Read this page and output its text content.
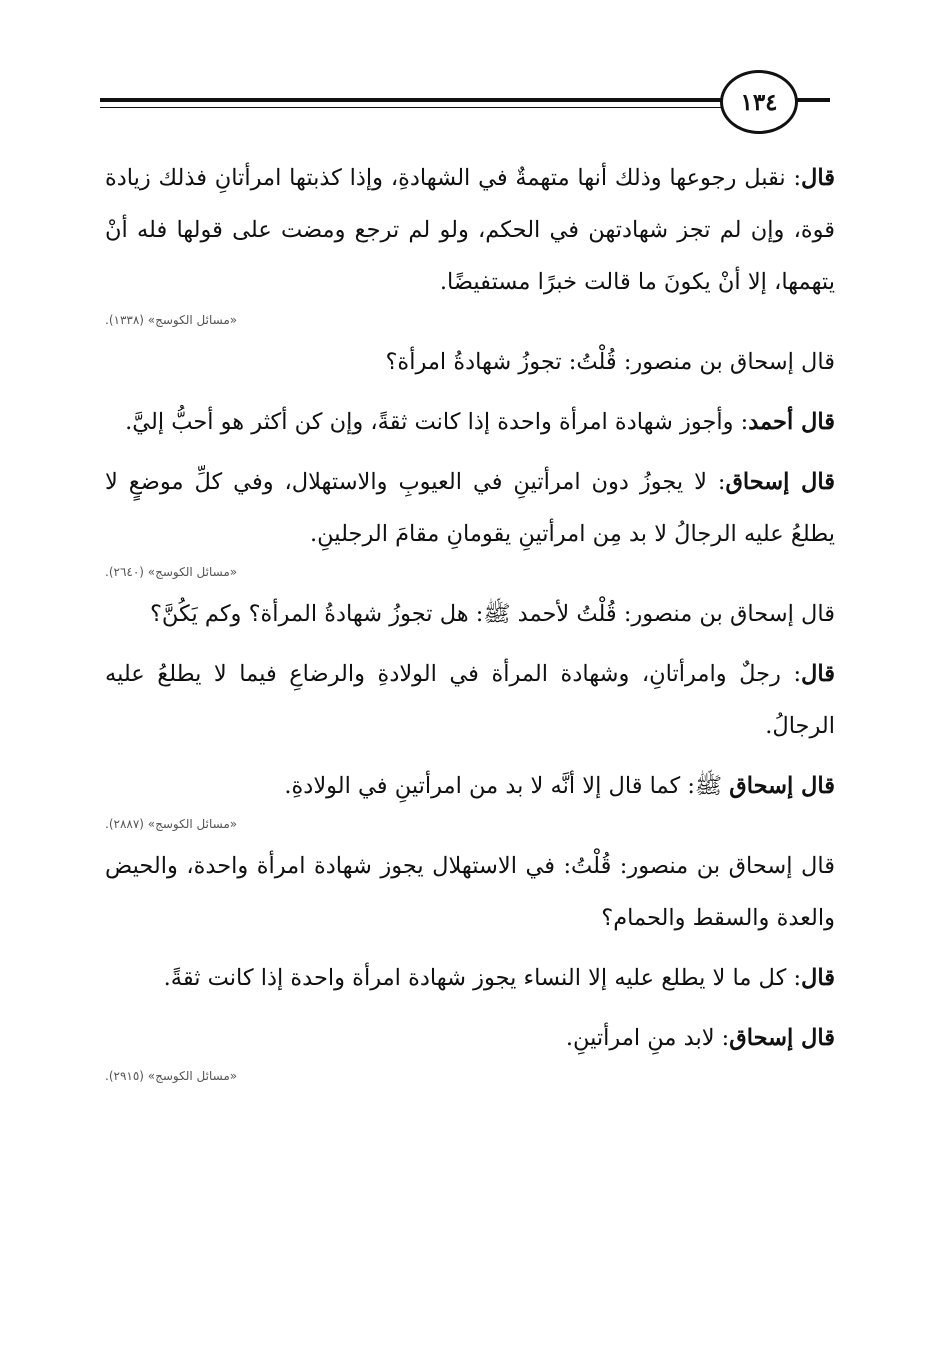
١٣٤

قال: نقبل رجوعها وذلك أنها متهمةٌ في الشهادةِ، وإذا كذبتها امرأتانِ فذلك زيادة قوة، وإن لم تجز شهادتهن في الحكم، ولو لم ترجع ومضت على قولها فله أنْ يتهمها، إلا أنْ يكونَ ما قالت خبرًا مستفيضًا.

«مسائل الكوسج» (١٣٣٨).

قال إسحاق بن منصور: قُلْتُ: تجوزُ شهادةُ امرأة؟

قال أحمد: وأجوز شهادة امرأة واحدة إذا كانت ثقةً، وإن كن أكثر هو أحبُّ إليَّ.

قال إسحاق: لا يجوزُ دون امرأتينِ في العيوبِ والاستهلال، وفي كلِّ موضعٍ لا يطلعُ عليه الرجالُ لا بد مِن امرأتينِ يقومانِ مقامَ الرجلينِ.

«مسائل الكوسج» (٢٦٤٠).

قال إسحاق بن منصور: قُلْتُ لأحمد ﷺ: هل تجوزُ شهادةُ المرأة؟ وكم يَكُنَّ؟

قال: رجلٌ وامرأتانِ، وشهادة المرأة في الولادةِ والرضاعِ فيما لا يطلعُ عليه الرجالُ.

قال إسحاق ﷺ: كما قال إلا أنَّه لا بد من امرأتينِ في الولادةِ.

«مسائل الكوسج» (٢٨٨٧).

قال إسحاق بن منصور: قُلْتُ: في الاستهلال يجوز شهادة امرأة واحدة، والحيض والعدة والسقط والحمام؟

قال: كل ما لا يطلع عليه إلا النساء يجوز شهادة امرأة واحدة إذا كانت ثقةً.

قال إسحاق: لابد منِ امرأتينِ.

«مسائل الكوسج» (٢٩١٥).
